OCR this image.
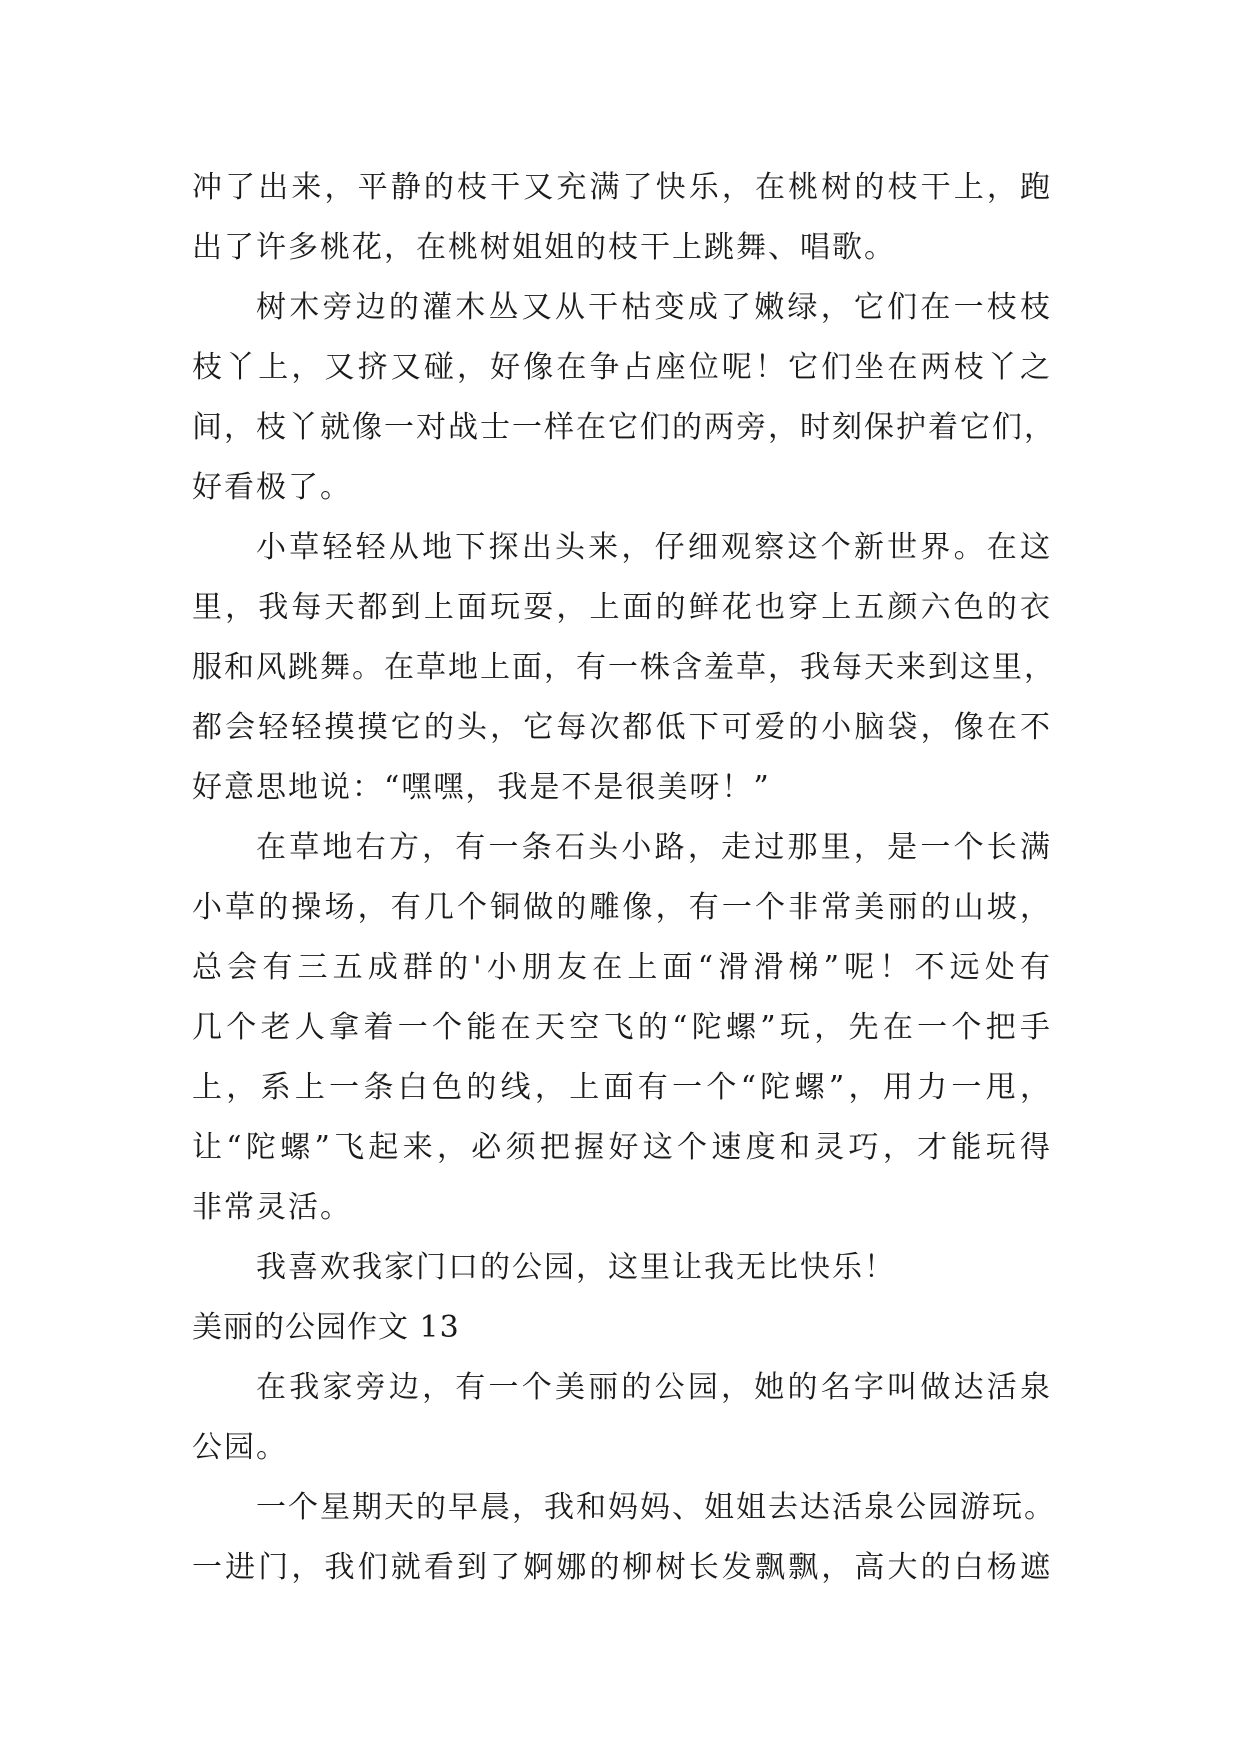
冲了出来，平静的枝干又充满了快乐，在桃树的枝干上，跑
出了许多桃花，在桃树姐姐的枝干上跳舞、唱歌。
树木旁边的灌木丛又从干枯变成了嫩绿，它们在一枝枝
枝丫上，又挤又碰，好像在争占座位呢！它们坐在两枝丫之
间，枝丫就像一对战士一样在它们的两旁，时刻保护着它们，
好看极了。
小草轻轻从地下探出头来，仔细观察这个新世界。在这
里，我每天都到上面玩耍，上面的鲜花也穿上五颜六色的衣
服和风跳舞。在草地上面，有一株含羞草，我每天来到这里，
都会轻轻摸摸它的头，它每次都低下可爱的小脑袋，像在不
好意思地说：“嘿嘿，我是不是很美呀！”
在草地右方，有一条石头小路，走过那里，是一个长满
小草的操场，有几个铜做的雕像，有一个非常美丽的山坡，
总会有三五成群的'小朋友在上面“滑滑梯”呢！不远处有
几个老人拿着一个能在天空飞的“陀螺”玩，先在一个把手
上，系上一条白色的线，上面有一个“陀螺”，用力一甩，
让“陀螺”飞起来，必须把握好这个速度和灵巧，才能玩得
非常灵活。
我喜欢我家门口的公园，这里让我无比快乐！
美丽的公园作文 13
在我家旁边，有一个美丽的公园，她的名字叫做达活泉
公园。
一个星期天的早晨，我和妈妈、姐姐去达活泉公园游玩。
一进门，我们就看到了婀娜的柳树长发飘飘，高大的白杨遮
